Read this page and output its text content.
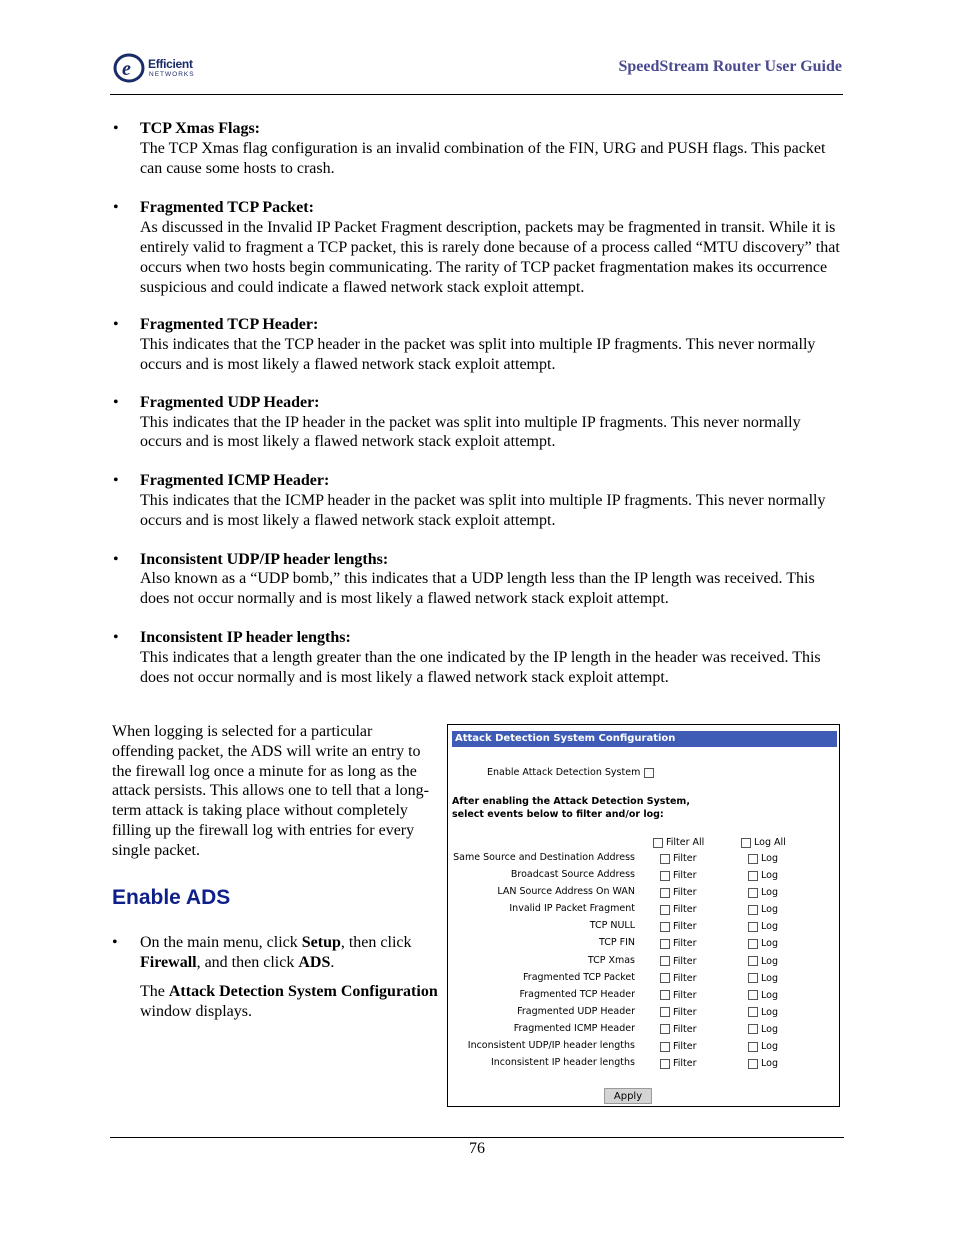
e Efficient
NETWORKS	SpeedStream Router User Guide
• TCP Xmas Flags:
The TCP Xmas flag configuration is an invalid combination of the FIN, URG and PUSH flags. This packet can cause some hosts to crash.
• Fragmented TCP Packet:
As discussed in the Invalid IP Packet Fragment description, packets may be fragmented in transit. While it is entirely valid to fragment a TCP packet, this is rarely done because of a process called “MTU discovery” that occurs when two hosts begin communicating. The rarity of TCP packet fragmentation makes its occurrence suspicious and could indicate a flawed network stack exploit attempt.
• Fragmented TCP Header:
This indicates that the TCP header in the packet was split into multiple IP fragments. This never normally occurs and is most likely a flawed network stack exploit attempt.
• Fragmented UDP Header:
This indicates that the IP header in the packet was split into multiple IP fragments. This never normally occurs and is most likely a flawed network stack exploit attempt.
• Fragmented ICMP Header:
This indicates that the ICMP header in the packet was split into multiple IP fragments. This never normally occurs and is most likely a flawed network stack exploit attempt.
• Inconsistent UDP/IP header lengths:
Also known as a “UDP bomb,” this indicates that a UDP length less than the IP length was received. This does not occur normally and is most likely a flawed network stack exploit attempt.
• Inconsistent IP header lengths:
This indicates that a length greater than the one indicated by the IP length in the header was received. This does not occur normally and is most likely a flawed network stack exploit attempt.

When logging is selected for a particular offending packet, the ADS will write an entry to the firewall log once a minute for as long as the attack persists. This allows one to tell that a long-term attack is taking place without completely filling up the firewall log with entries for every single packet.

Enable ADS
• On the main menu, click Setup, then click Firewall, and then click ADS.

The Attack Detection System Configuration window displays.

Attack Detection System Configuration
Enable Attack Detection System
After enabling the Attack Detection System,
select events below to filter and/or log:
Filter All	Log All
Same Source and Destination Address	Filter	Log
Broadcast Source Address	Filter	Log
LAN Source Address On WAN	Filter	Log
Invalid IP Packet Fragment	Filter	Log
TCP NULL	Filter	Log
TCP FIN	Filter	Log
TCP Xmas	Filter	Log
Fragmented TCP Packet	Filter	Log
Fragmented TCP Header	Filter	Log
Fragmented UDP Header	Filter	Log
Fragmented ICMP Header	Filter	Log
Inconsistent UDP/IP header lengths	Filter	Log
Inconsistent IP header lengths	Filter	Log
Apply
76
